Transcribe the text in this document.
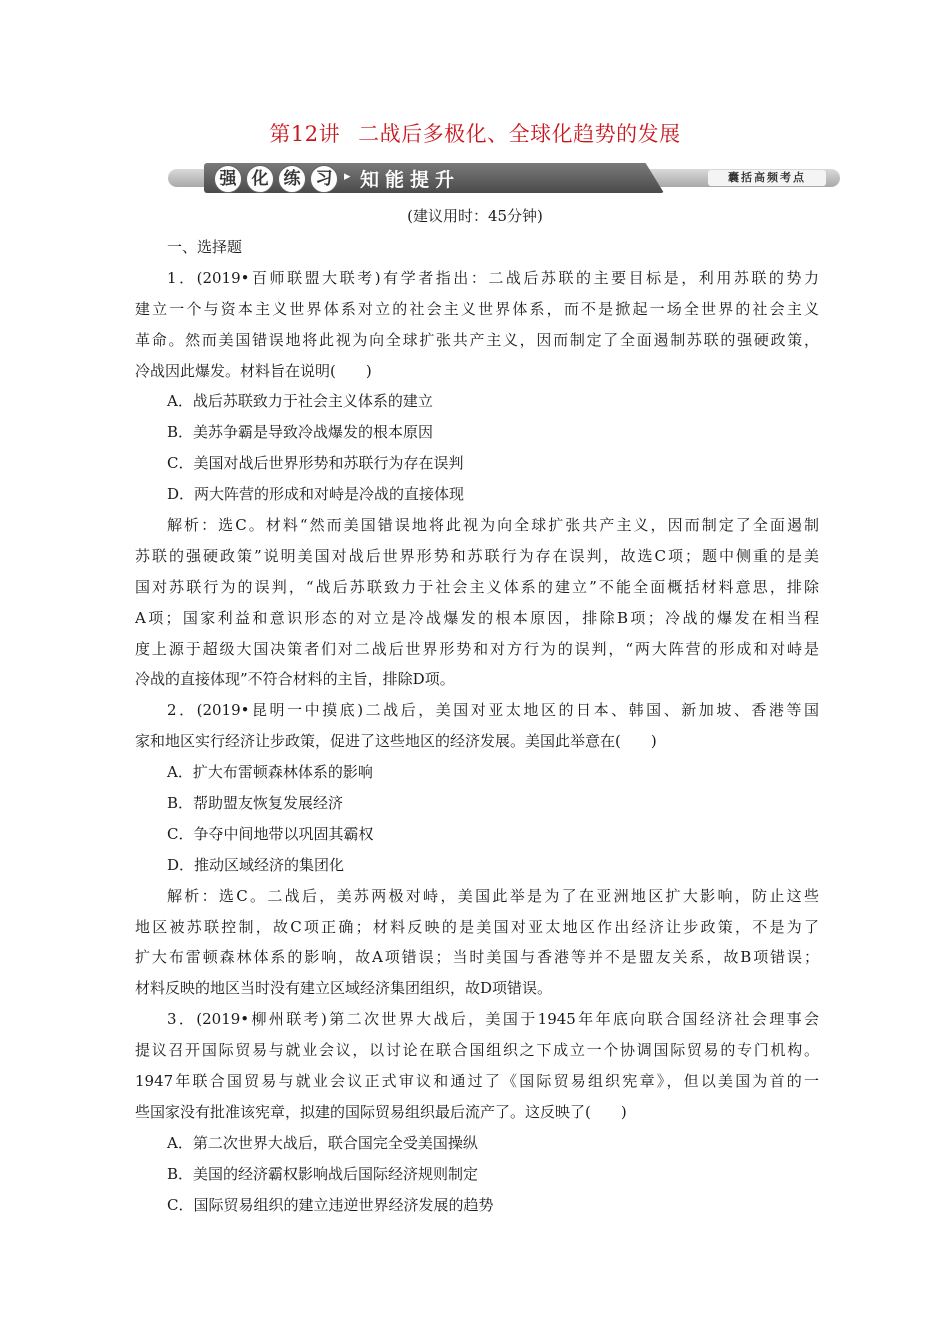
第12讲 二战后多极化、全球化趋势的发展
强 化 练 习 ▸ 知能提升	囊括高频考点
(建议用时：45分钟)
一、选择题
1．(2019•百师联盟大联考)有学者指出：二战后苏联的主要目标是，利用苏联的势力
建立一个与资本主义世界体系对立的社会主义世界体系，而不是掀起一场全世界的社会主义
革命。然而美国错误地将此视为向全球扩张共产主义，因而制定了全面遏制苏联的强硬政策，
冷战因此爆发。材料旨在说明(　　)
A．战后苏联致力于社会主义体系的建立
B．美苏争霸是导致冷战爆发的根本原因
C．美国对战后世界形势和苏联行为存在误判
D．两大阵营的形成和对峙是冷战的直接体现
解析：选C。材料“然而美国错误地将此视为向全球扩张共产主义，因而制定了全面遏制
苏联的强硬政策”说明美国对战后世界形势和苏联行为存在误判，故选C项；题中侧重的是美
国对苏联行为的误判，“战后苏联致力于社会主义体系的建立”不能全面概括材料意思，排除
A项；国家利益和意识形态的对立是冷战爆发的根本原因，排除B项；冷战的爆发在相当程
度上源于超级大国决策者们对二战后世界形势和对方行为的误判，“两大阵营的形成和对峙是
冷战的直接体现”不符合材料的主旨，排除D项。
2．(2019•昆明一中摸底)二战后，美国对亚太地区的日本、韩国、新加坡、香港等国
家和地区实行经济让步政策，促进了这些地区的经济发展。美国此举意在(　　)
A．扩大布雷顿森林体系的影响
B．帮助盟友恢复发展经济
C．争夺中间地带以巩固其霸权
D．推动区域经济的集团化
解析：选C。二战后，美苏两极对峙，美国此举是为了在亚洲地区扩大影响，防止这些
地区被苏联控制，故C项正确；材料反映的是美国对亚太地区作出经济让步政策，不是为了
扩大布雷顿森林体系的影响，故A项错误；当时美国与香港等并不是盟友关系，故B项错误；
材料反映的地区当时没有建立区域经济集团组织，故D项错误。
3．(2019•柳州联考)第二次世界大战后，美国于1945年年底向联合国经济社会理事会
提议召开国际贸易与就业会议，以讨论在联合国组织之下成立一个协调国际贸易的专门机构。
1947年联合国贸易与就业会议正式审议和通过了《国际贸易组织宪章》，但以美国为首的一
些国家没有批准该宪章，拟建的国际贸易组织最后流产了。这反映了(　　)
A．第二次世界大战后，联合国完全受美国操纵
B．美国的经济霸权影响战后国际经济规则制定
C．国际贸易组织的建立违逆世界经济发展的趋势
